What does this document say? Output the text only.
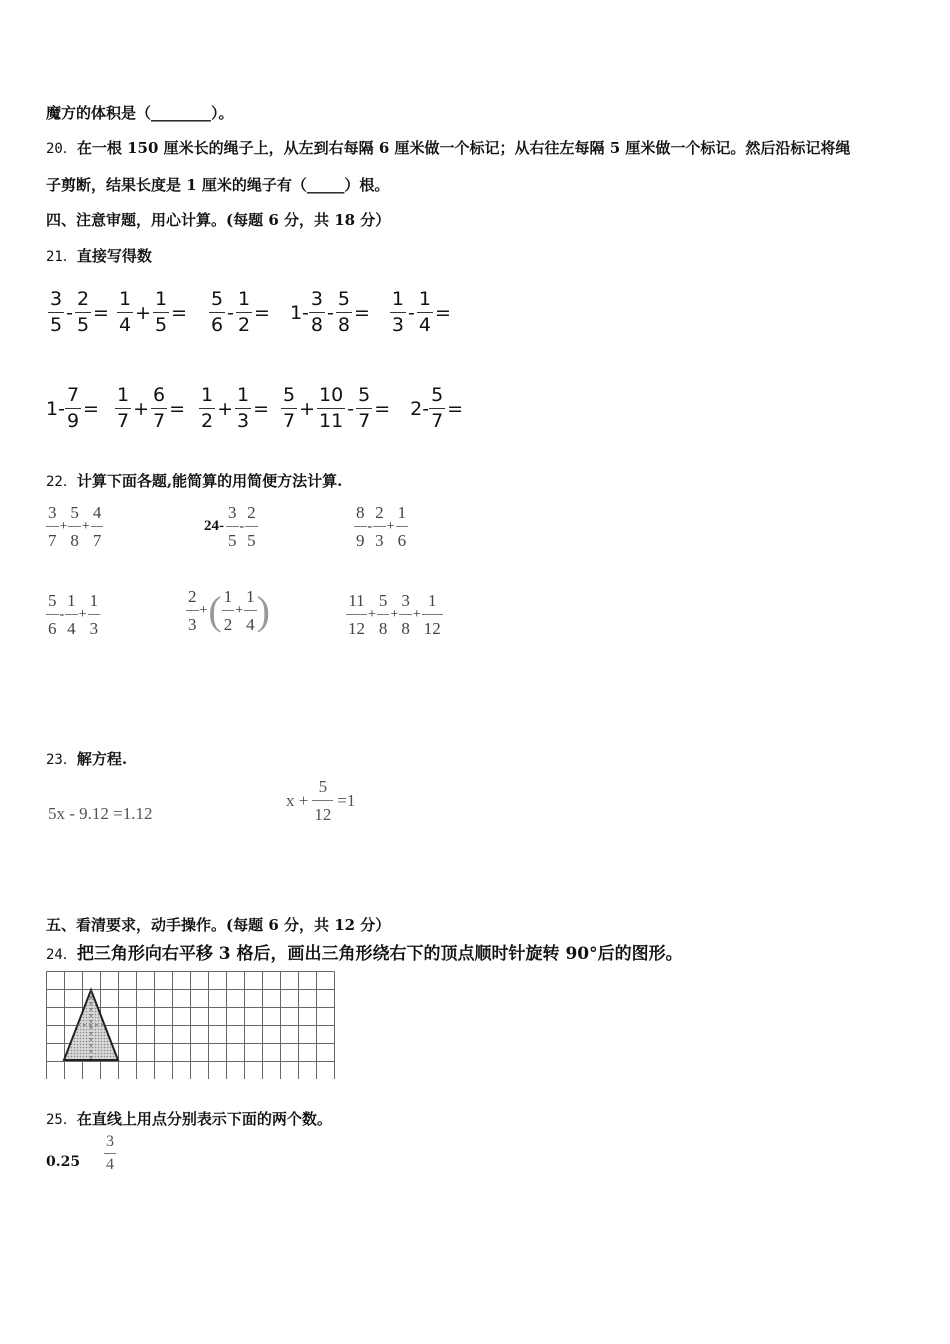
魔方的体积是（________）。
20．在一根 150 厘米长的绳子上，从左到右每隔 6 厘米做一个标记；从右往左每隔 5 厘米做一个标记。然后沿标记将绳
子剪断，结果长度是 1 厘米的绳子有（_____）根。
四、注意审题，用心计算。(每题 6 分，共 18 分）
21．直接写得数
$\frac{3}{5} - \frac{2}{5} = \frac{1}{4} + \frac{1}{5} = \frac{5}{6} - \frac{1}{2} = 1- \frac{3}{8} - \frac{5}{8} = \frac{1}{3} - \frac{1}{4}$ =
$1- \frac{7}{9} = \frac{1}{7} + \frac{6}{7} = \frac{1}{2} + \frac{1}{3} = \frac{5}{7} + \frac{10}{11} - \frac{5}{7} = 2- \frac{5}{7}$ =
22．计算下面各题,能简算的用简便方法计算.
$\frac{3}{7} + \frac{5}{8} + \frac{4}{7}$	$24- \frac{3}{5} - \frac{2}{5}$	$\frac{8}{9} - \frac{2}{3} + \frac{1}{6}$
$\frac{5}{6} - \frac{1}{4} + \frac{1}{3}$	$\frac{2}{3}$ + ( $\frac{1}{2} + \frac{1}{4}$ )	$\frac{11}{12} + \frac{5}{8} + \frac{3}{8} + \frac{1}{12}$
23．解方程.
5x - 9.12 =1.12
$x + \frac{5}{12} =1$
五、看清要求，动手操作。(每题 6 分，共 12 分）
24．把三角形向右平移 3 格后，画出三角形绕右下的顶点顺时针旋转 90°后的图形。
25．在直线上用点分别表示下面的两个数。
$0.25 \frac{3}{4}$
